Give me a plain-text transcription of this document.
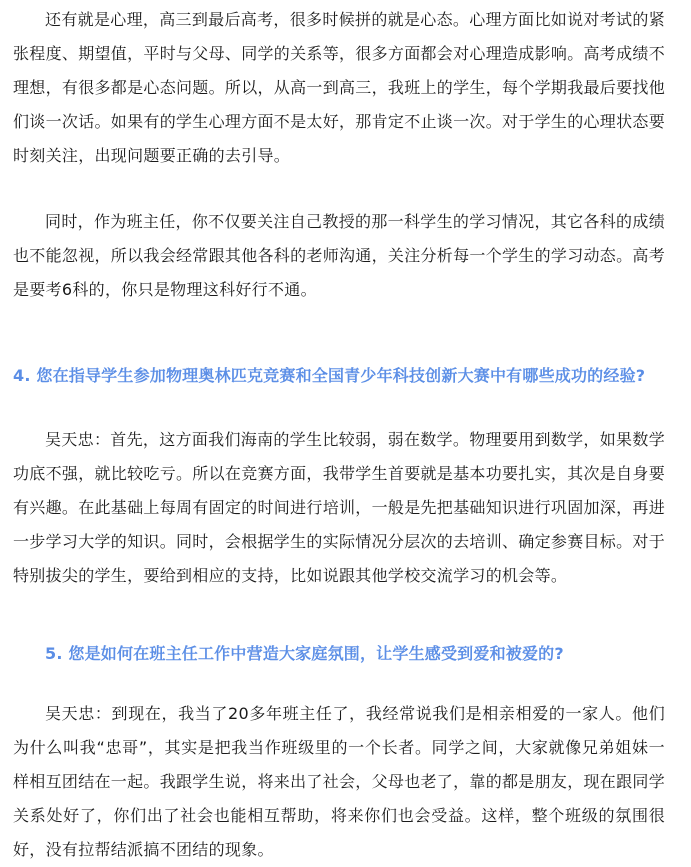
还有就是心理，高三到最后高考，很多时候拼的就是心态。心理方面比如说对考试的紧张程度、期望值，平时与父母、同学的关系等，很多方面都会对心理造成影响。高考成绩不理想，有很多都是心态问题。所以，从高一到高三，我班上的学生，每个学期我最后要找他们谈一次话。如果有的学生心理方面不是太好，那肯定不止谈一次。对于学生的心理状态要时刻关注，出现问题要正确的去引导。

同时，作为班主任，你不仅要关注自己教授的那一科学生的学习情况，其它各科的成绩也不能忽视，所以我会经常跟其他各科的老师沟通，关注分析每一个学生的学习动态。高考是要考6科的，你只是物理这科好行不通。

4. 您在指导学生参加物理奥林匹克竞赛和全国青少年科技创新大赛中有哪些成功的经验?

吴天忠：首先，这方面我们海南的学生比较弱，弱在数学。物理要用到数学，如果数学功底不强，就比较吃亏。所以在竞赛方面，我带学生首要就是基本功要扎实，其次是自身要有兴趣。在此基础上每周有固定的时间进行培训，一般是先把基础知识进行巩固加深，再进一步学习大学的知识。同时，会根据学生的实际情况分层次的去培训、确定参赛目标。对于特别拔尖的学生，要给到相应的支持，比如说跟其他学校交流学习的机会等。

5. 您是如何在班主任工作中营造大家庭氛围，让学生感受到爱和被爱的?

吴天忠：到现在，我当了20多年班主任了，我经常说我们是相亲相爱的一家人。他们为什么叫我“忠哥”，其实是把我当作班级里的一个长者。同学之间，大家就像兄弟姐妹一样相互团结在一起。我跟学生说，将来出了社会，父母也老了，靠的都是朋友，现在跟同学关系处好了，你们出了社会也能相互帮助，将来你们也会受益。这样，整个班级的氛围很好，没有拉帮结派搞不团结的现象。
